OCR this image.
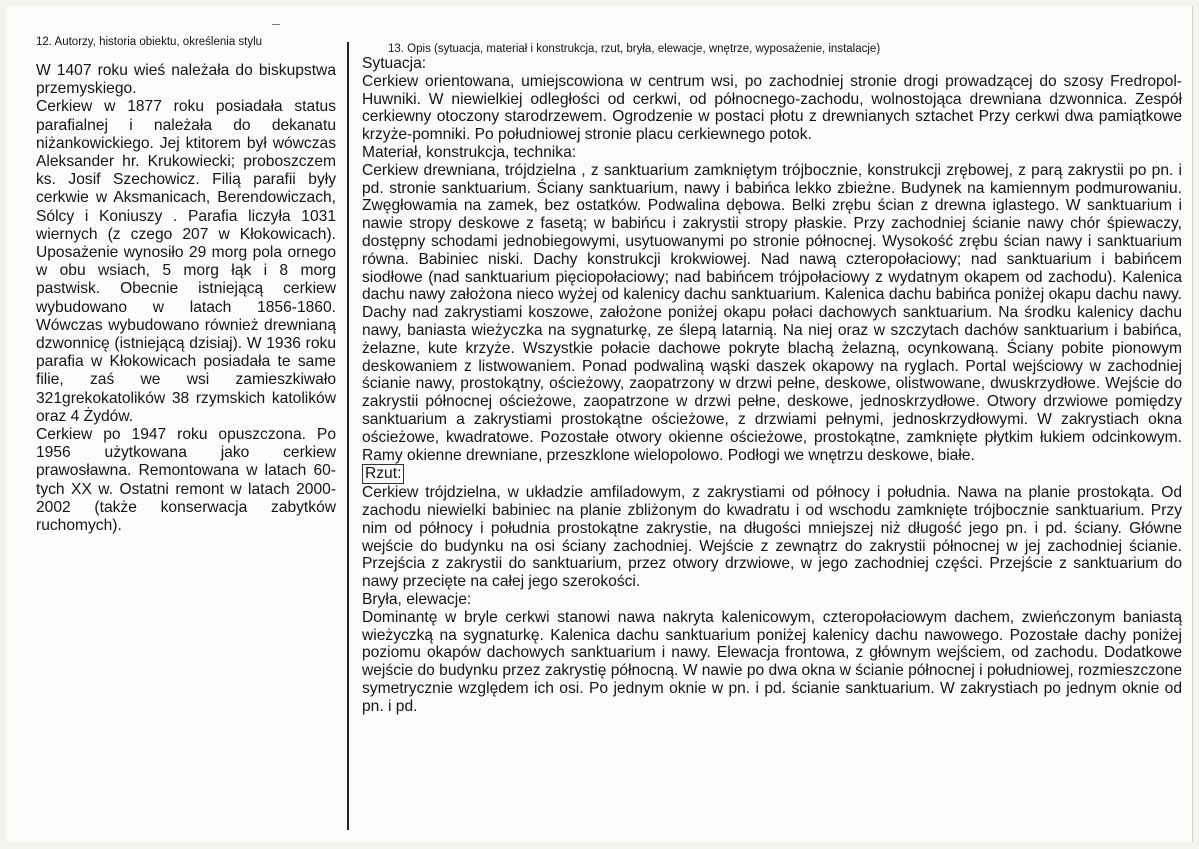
12. Autorzy, historia obiektu, określenia stylu

W 1407 roku wieś należała do biskupstwa przemyskiego.

Cerkiew w 1877 roku posiadała status parafialnej i należała do dekanatu niżankowickiego. Jej ktitorem był wówczas Aleksander hr. Krukowiecki; proboszczem ks. Josif Szechowicz. Filią parafii były cerkwie w Aksmanicach, Berendowiczach, Sólcy i Koniuszy . Parafia liczyła 1031 wiernych (z czego 207 w Kłokowicach). Uposażenie wynosiło 29 morg pola ornego w obu wsiach, 5 morg łąk i 8 morg pastwisk. Obecnie istniejącą cerkiew wybudowano w latach 1856-1860. Wówczas wybudowano również drewnianą dzwonnicę (istniejącą dzisiaj). W 1936 roku parafia w Kłokowicach posiadała te same filie, zaś we wsi zamieszkiwało 321grekokatolików 38 rzymskich katolików oraz 4 Żydów.

Cerkiew po 1947 roku opuszczona. Po 1956 użytkowana jako cerkiew prawosławna. Remontowana w latach 60-tych XX w. Ostatni remont w latach 2000-2002 (także konserwacja zabytków ruchomych).

13. Opis (sytuacja, materiał i konstrukcja, rzut, bryła, elewacje, wnętrze, wyposażenie, instalacje)

Sytuacja:

Cerkiew orientowana, umiejscowiona w centrum wsi, po zachodniej stronie drogi prowadzącej do szosy Fredropol-Huwniki. W niewielkiej odległości od cerkwi, od północnego-zachodu, wolnostojąca drewniana dzwonnica. Zespół cerkiewny otoczony starodrzewem. Ogrodzenie w postaci płotu z drewnianych sztachet Przy cerkwi dwa pamiątkowe krzyże-pomniki. Po południowej stronie placu cerkiewnego potok.

Materiał, konstrukcja, technika:

Cerkiew drewniana, trójdzielna , z sanktuarium zamkniętym trójbocznie, konstrukcji zrębowej, z parą zakrystii po pn. i pd. stronie sanktuarium. Ściany sanktuarium, nawy i babińca lekko zbieżne. Budynek na kamiennym podmurowaniu. Zwęgłowamia na zamek, bez ostatków. Podwalina dębowa. Belki zrębu ścian z drewna iglastego. W sanktuarium i nawie stropy deskowe z fasetą; w babińcu i zakrystii stropy płaskie. Przy zachodniej ścianie nawy chór śpiewaczy, dostępny schodami jednobiegowymi, usytuowanymi po stronie północnej. Wysokość zrębu ścian nawy i sanktuarium równa. Babiniec niski. Dachy konstrukcji krokwiowej. Nad nawą czteropołaciowy; nad sanktuarium i babińcem siodłowe (nad sanktuarium pięciopołaciowy; nad babińcem trójpołaciowy z wydatnym okapem od zachodu). Kalenica dachu nawy założona nieco wyżej od kalenicy dachu sanktuarium. Kalenica dachu babińca poniżej okapu dachu nawy. Dachy nad zakrystiami koszowe, założone poniżej okapu połaci dachowych sanktuarium. Na środku kalenicy dachu nawy, baniasta wieżyczka na sygnaturkę, ze ślepą latarnią. Na niej oraz w szczytach dachów sanktuarium i babińca, żelazne, kute krzyże. Wszystkie połacie dachowe pokryte blachą żelazną, ocynkowaną. Ściany pobite pionowym deskowaniem z listwowaniem. Ponad podwaliną wąski daszek okapowy na ryglach. Portal wejściowy w zachodniej ścianie nawy, prostokątny, ościeżowy, zaopatrzony w drzwi pełne, deskowe, olistwowane, dwuskrzydłowe. Wejście do zakrystii północnej ościeżowe, zaopatrzone w drzwi pełne, deskowe, jednoskrzydłowe. Otwory drzwiowe pomiędzy sanktuarium a zakrystiami prostokątne ościeżowe, z drzwiami pełnymi, jednoskrzydłowymi. W zakrystiach okna ościeżowe, kwadratowe. Pozostałe otwory okienne ościeżowe, prostokątne, zamknięte płytkim łukiem odcinkowym. Ramy okienne drewniane, przeszklone wielopolowo. Podłogi we wnętrzu deskowe, białe.

Rzut:

Cerkiew trójdzielna, w układzie amfiladowym, z zakrystiami od północy i południa. Nawa na planie prostokąta. Od zachodu niewielki babiniec na planie zbliżonym do kwadratu i od wschodu zamknięte trójbocznie sanktuarium. Przy nim od północy i południa prostokątne zakrystie, na długości mniejszej niż długość jego pn. i pd. ściany. Główne wejście do budynku na osi ściany zachodniej. Wejście z zewnątrz do zakrystii północnej w jej zachodniej ścianie. Przejścia z zakrystii do sanktuarium, przez otwory drzwiowe, w jego zachodniej części. Przejście z sanktuarium do nawy przecięte na całej jego szerokości.

Bryła, elewacje:

Dominantę w bryle cerkwi stanowi nawa nakryta kalenicowym, czteropołaciowym dachem, zwieńczonym baniastą wieżyczką na sygnaturkę. Kalenica dachu sanktuarium poniżej kalenicy dachu nawowego. Pozostałe dachy poniżej poziomu okapów dachowych sanktuarium i nawy. Elewacja frontowa, z głównym wejściem, od zachodu. Dodatkowe wejście do budynku przez zakrystię północną. W nawie po dwa okna w ścianie północnej i południowej, rozmieszczone symetrycznie względem ich osi. Po jednym oknie w pn. i pd. ścianie sanktuarium. W zakrystiach po jednym oknie od pn. i pd.
